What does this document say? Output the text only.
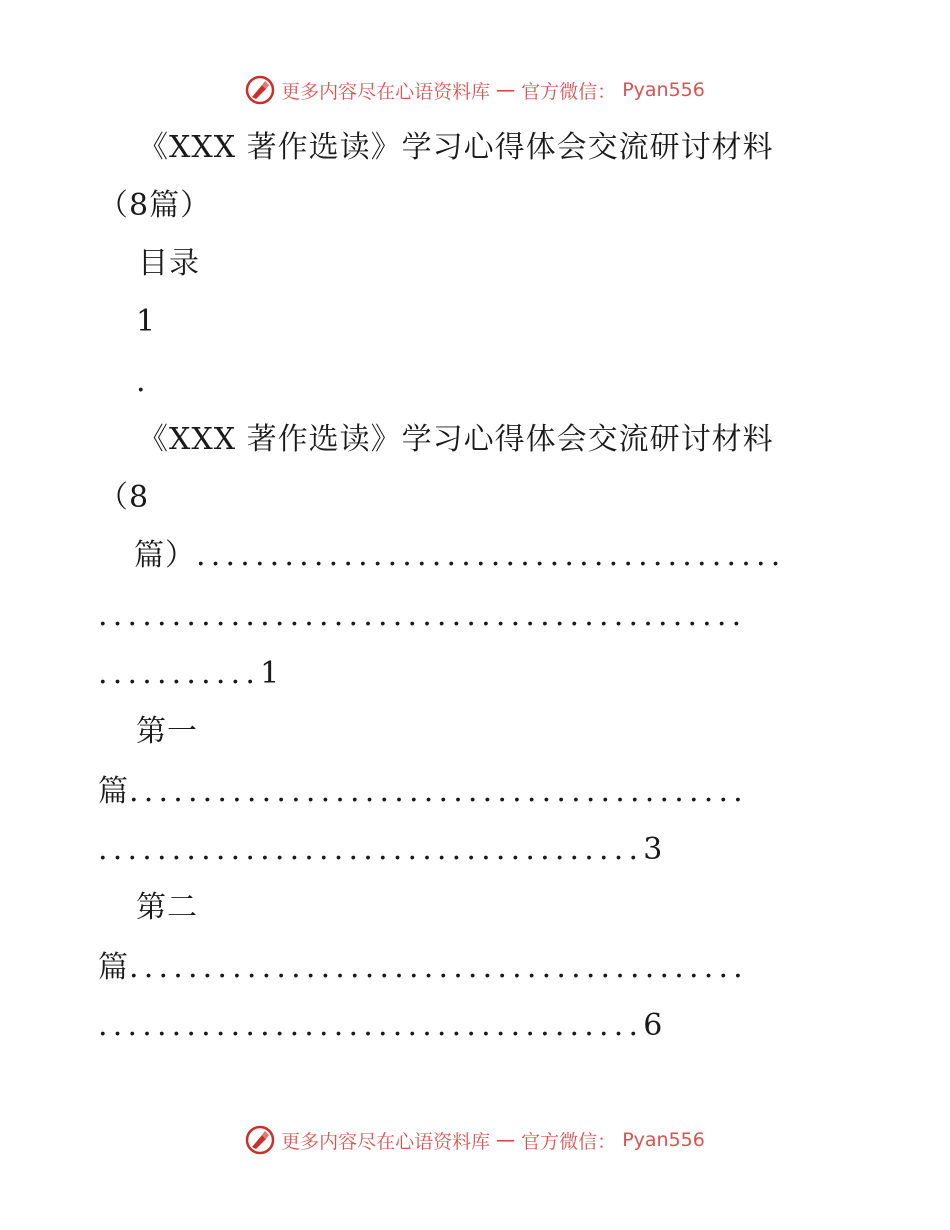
更多内容尽在心语资料库 — 官方微信： Pyan556
《XXX 著作选读》学习心得体会交流研讨材料
（8篇）
目录
1
.
《XXX 著作选读》学习心得体会交流研讨材料
（8
篇）........................................
............................................
...........1
第一
篇..........................................
.....................................3
第二
篇..........................................
.....................................6
更多内容尽在心语资料库 — 官方微信： Pyan556
